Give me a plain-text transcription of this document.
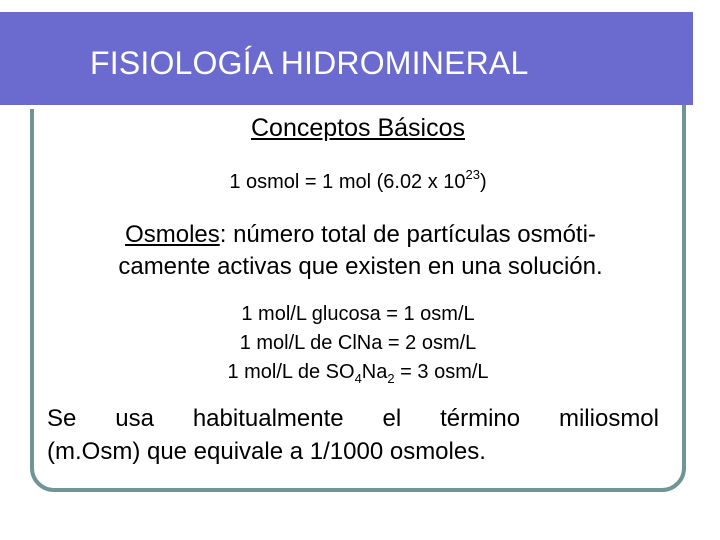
FISIOLOGÍA HIDROMINERAL
Conceptos Básicos
1 osmol = 1 mol (6.02 x $10^{23}$)
Osmoles: número total de partículas osmóti-
camente activas que existen en una solución.
1 mol/L glucosa = 1 osm/L
1 mol/L de ClNa = 2 osm/L
1 mol/L de $SO_4Na_2 = 3$ osm/L
Se usa habitualmente el término miliosmol
(m.Osm) que equivale a 1/1000 osmoles.
